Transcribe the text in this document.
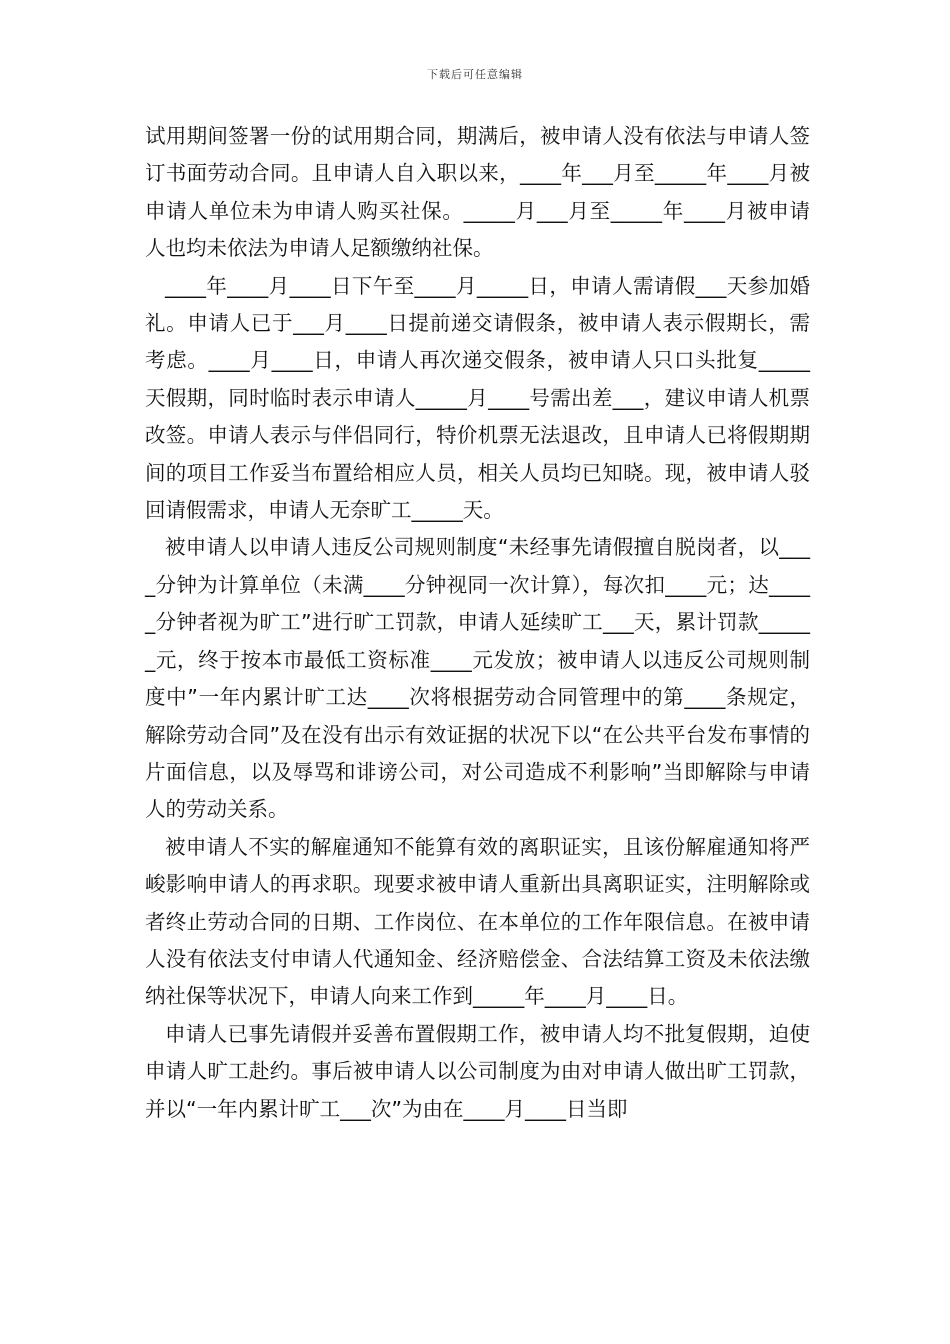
下载后可任意编辑

试用期间签署一份的试用期合同，期满后，被申请人没有依法与申请人签订书面劳动合同。且申请人自入职以来，____年___月至_____年____月被申请人单位未为申请人购买社保。_____月___月至_____年____月被申请人也均未依法为申请人足额缴纳社保。

____年____月____日下午至____月_____日，申请人需请假___天参加婚礼。申请人已于___月____日提前递交请假条，被申请人表示假期长，需考虑。____月____日，申请人再次递交假条，被申请人只口头批复_____天假期，同时临时表示申请人_____月____号需出差___，建议申请人机票改签。申请人表示与伴侣同行，特价机票无法退改，且申请人已将假期期间的项目工作妥当布置给相应人员，相关人员均已知晓。现，被申请人驳回请假需求，申请人无奈旷工_____天。

被申请人以申请人违反公司规则制度“未经事先请假擅自脱岗者，以____分钟为计算单位（未满____分钟视同一次计算），每次扣____元；达_____分钟者视为旷工”进行旷工罚款，申请人延续旷工___天，累计罚款______元，终于按本市最低工资标准____元发放；被申请人以违反公司规则制度中”一年内累计旷工达____次将根据劳动合同管理中的第____条规定，解除劳动合同”及在没有出示有效证据的状况下以“在公共平台发布事情的片面信息，以及辱骂和诽谤公司，对公司造成不利影响”当即解除与申请人的劳动关系。

被申请人不实的解雇通知不能算有效的离职证实，且该份解雇通知将严峻影响申请人的再求职。现要求被申请人重新出具离职证实，注明解除或者终止劳动合同的日期、工作岗位、在本单位的工作年限信息。在被申请人没有依法支付申请人代通知金、经济赔偿金、合法结算工资及未依法缴纳社保等状况下，申请人向来工作到_____年____月____日。

申请人已事先请假并妥善布置假期工作，被申请人均不批复假期，迫使申请人旷工赴约。事后被申请人以公司制度为由对申请人做出旷工罚款，并以“一年内累计旷工___次”为由在____月____日当即
